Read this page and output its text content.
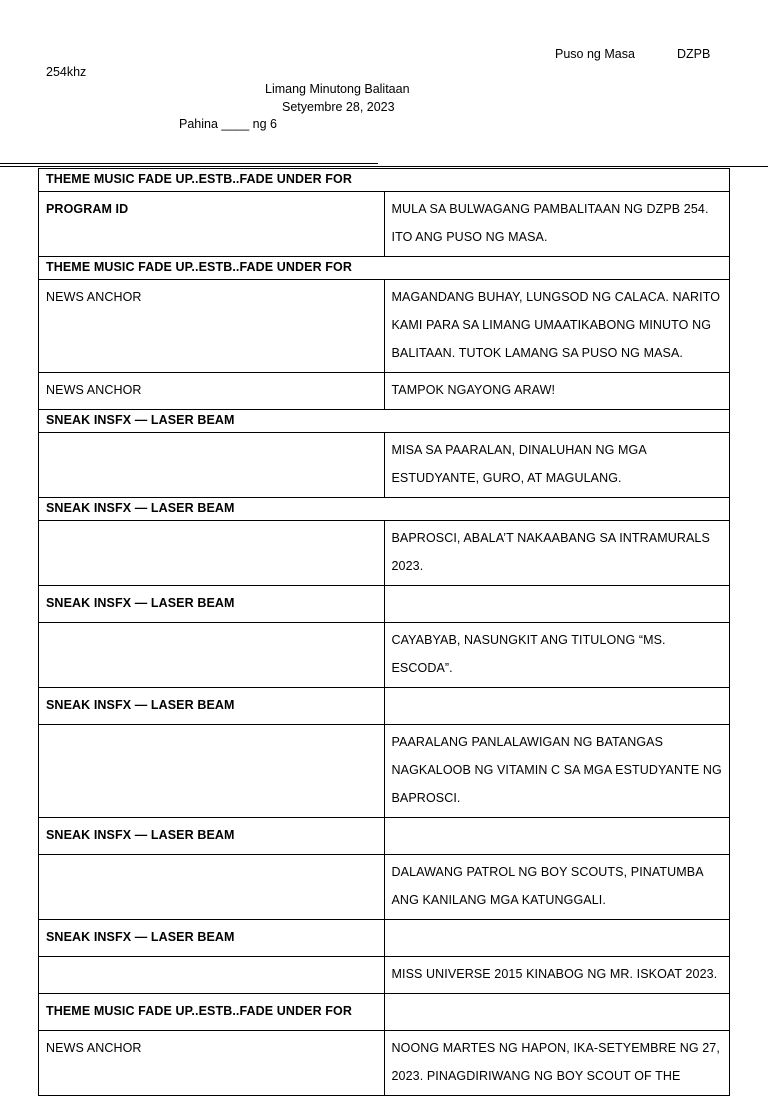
Puso ng Masa	DZPB
254khz
Limang Minutong Balitaan
Setyembre 28, 2023
Pahina ____ ng 6
THEME MUSIC FADE UP..ESTB..FADE UNDER FOR	
PROGRAM ID	MULA SA BULWAGANG PAMBALITAAN NG DZPB 254. ITO ANG PUSO NG MASA.
THEME MUSIC FADE UP..ESTB..FADE UNDER FOR	
NEWS ANCHOR	MAGANDANG BUHAY, LUNGSOD NG CALACA. NARITO KAMI PARA SA LIMANG UMAATIKABONG MINUTO NG BALITAAN. TUTOK LAMANG SA PUSO NG MASA.
NEWS ANCHOR	TAMPOK NGAYONG ARAW!
SNEAK INSFX — LASER BEAM	
	MISA SA PAARALAN, DINALUHAN NG MGA ESTUDYANTE, GURO, AT MAGULANG.
SNEAK INSFX — LASER BEAM	
	BAPROSCI, ABALA’T NAKAABANG SA INTRAMURALS 2023.
SNEAK INSFX — LASER BEAM	
	CAYABYAB, NASUNGKIT ANG TITULONG “MS. ESCODA”.
SNEAK INSFX — LASER BEAM	
	PAARALANG PANLALAWIGAN NG BATANGAS NAGKALOOB NG VITAMIN C SA MGA ESTUDYANTE NG BAPROSCI.
SNEAK INSFX — LASER BEAM	
	DALAWANG PATROL NG BOY SCOUTS, PINATUMBA ANG KANILANG MGA KATUNGGALI.
SNEAK INSFX — LASER BEAM	
	MISS UNIVERSE 2015 KINABOG NG MR. ISKOAT 2023.
THEME MUSIC FADE UP..ESTB..FADE UNDER FOR	
NEWS ANCHOR	NOONG MARTES NG HAPON, IKA-SETYEMBRE NG 27, 2023. PINAGDIRIWANG NG BOY SCOUT OF THE
